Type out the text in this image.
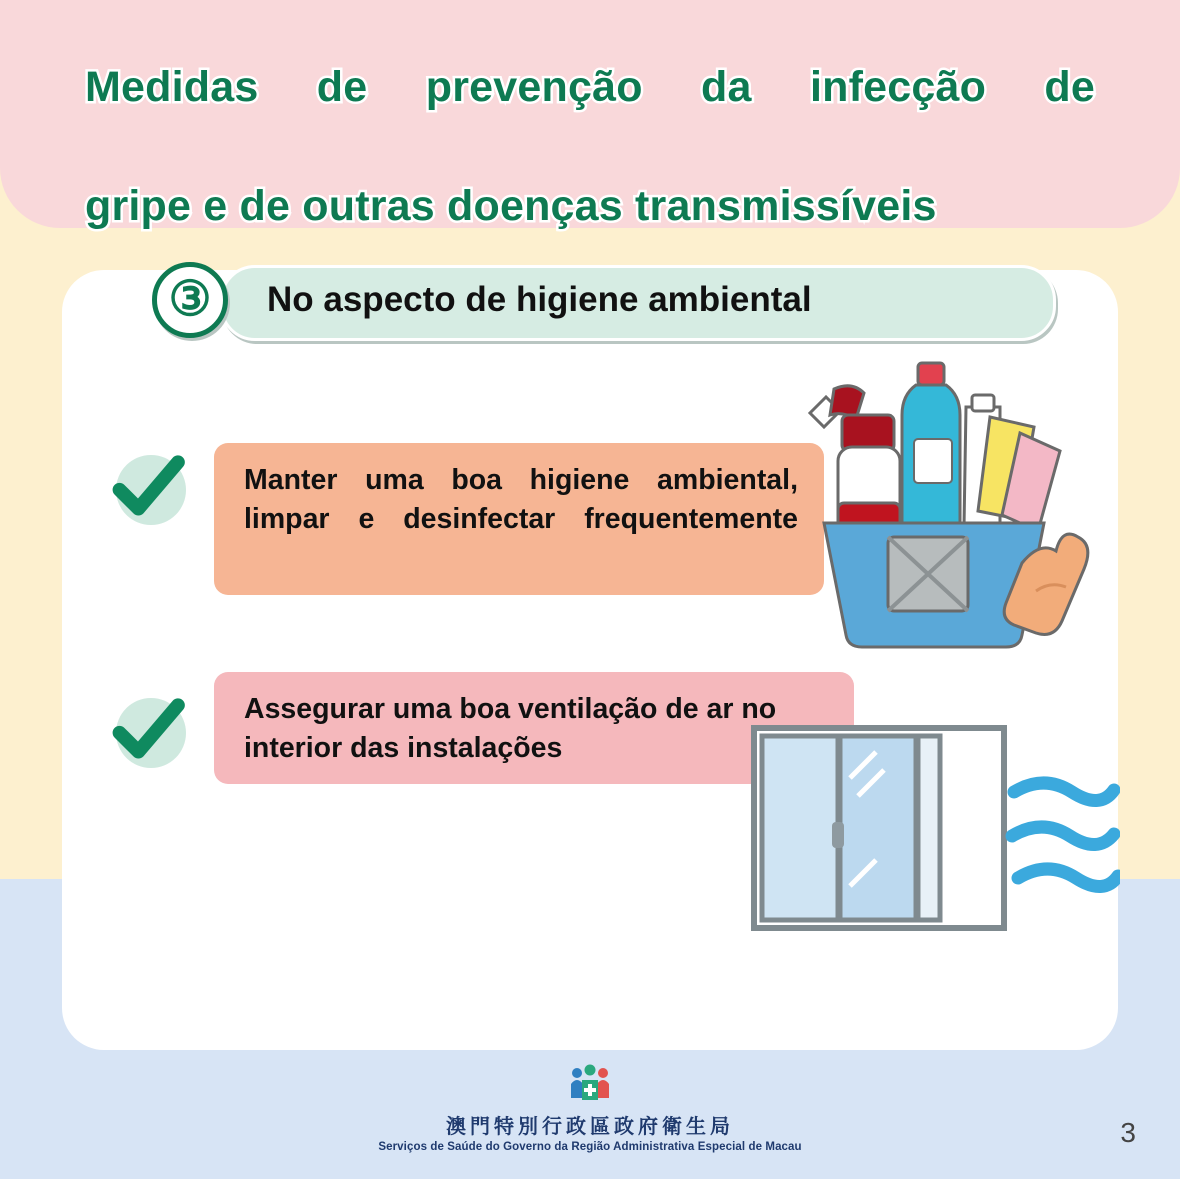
Medidas de prevenção da infecção de
gripe e de outras doenças transmissíveis
No aspecto de higiene ambiental
③
Manter uma boa higiene ambiental, limpar e desinfectar frequentemente
Assegurar uma boa ventilação de ar no interior das instalações
澳門特別行政區政府衛生局
Serviços de Saúde do Governo da Região Administrativa Especial de Macau	3
